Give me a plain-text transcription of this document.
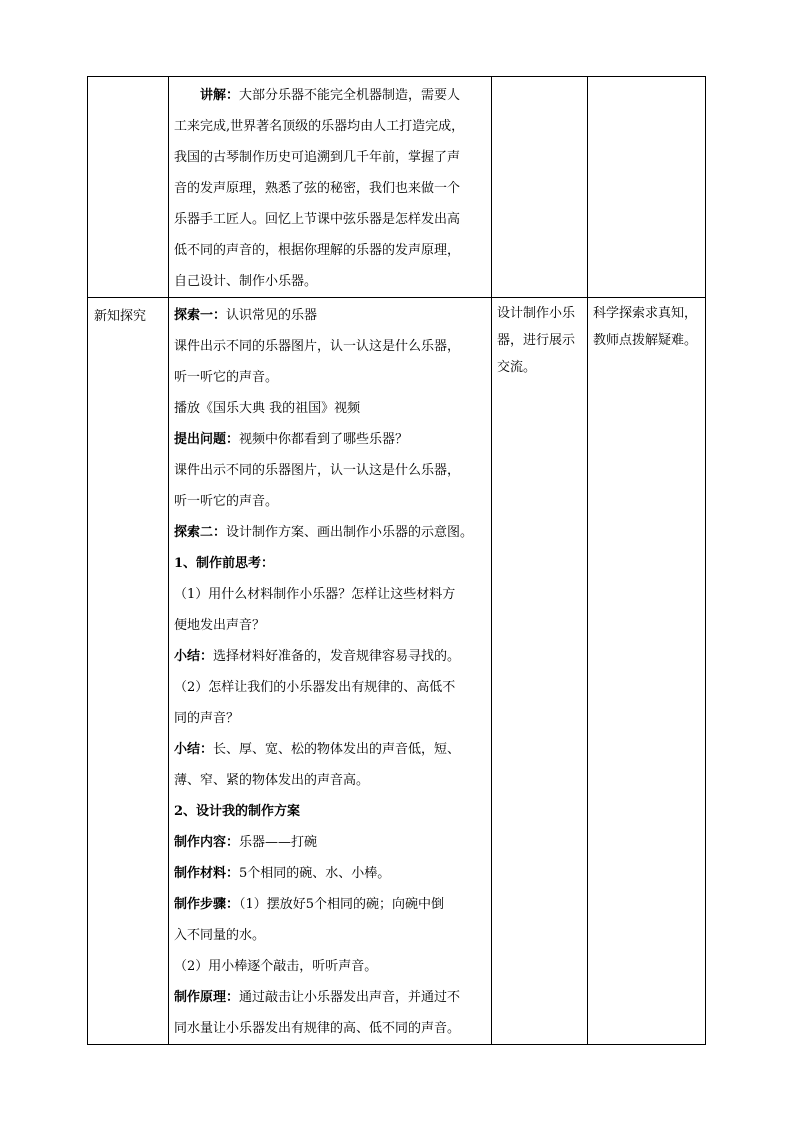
讲解：大部分乐器不能完全机器制造，需要人
工来完成,世界著名顶级的乐器均由人工打造完成，
我国的古琴制作历史可追溯到几千年前，掌握了声
音的发声原理，熟悉了弦的秘密，我们也来做一个
乐器手工匠人。回忆上节课中弦乐器是怎样发出高
低不同的声音的，根据你理解的乐器的发声原理，
自己设计、制作小乐器。
新知探究	探索一：认识常见的乐器
课件出示不同的乐器图片，认一认这是什么乐器，
听一听它的声音。
播放《国乐大典 我的祖国》视频
提出问题：视频中你都看到了哪些乐器？
课件出示不同的乐器图片，认一认这是什么乐器，
听一听它的声音。
探索二：设计制作方案、画出制作小乐器的示意图。
1、制作前思考：
（1）用什么材料制作小乐器？怎样让这些材料方
便地发出声音？
小结：选择材料好准备的，发音规律容易寻找的。
（2）怎样让我们的小乐器发出有规律的、高低不
同的声音？
小结：长、厚、宽、松的物体发出的声音低，短、
薄、窄、紧的物体发出的声音高。
2、设计我的制作方案
制作内容：乐器——打碗
制作材料：5个相同的碗、水、小棒。
制作步骤：（1）摆放好5个相同的碗；向碗中倒
入不同量的水。
（2）用小棒逐个敲击，听听声音。
制作原理：通过敲击让小乐器发出声音，并通过不
同水量让小乐器发出有规律的高、低不同的声音。
设计制作小乐
器，进行展示
交流。
科学探索求真知，
教师点拨解疑难。
